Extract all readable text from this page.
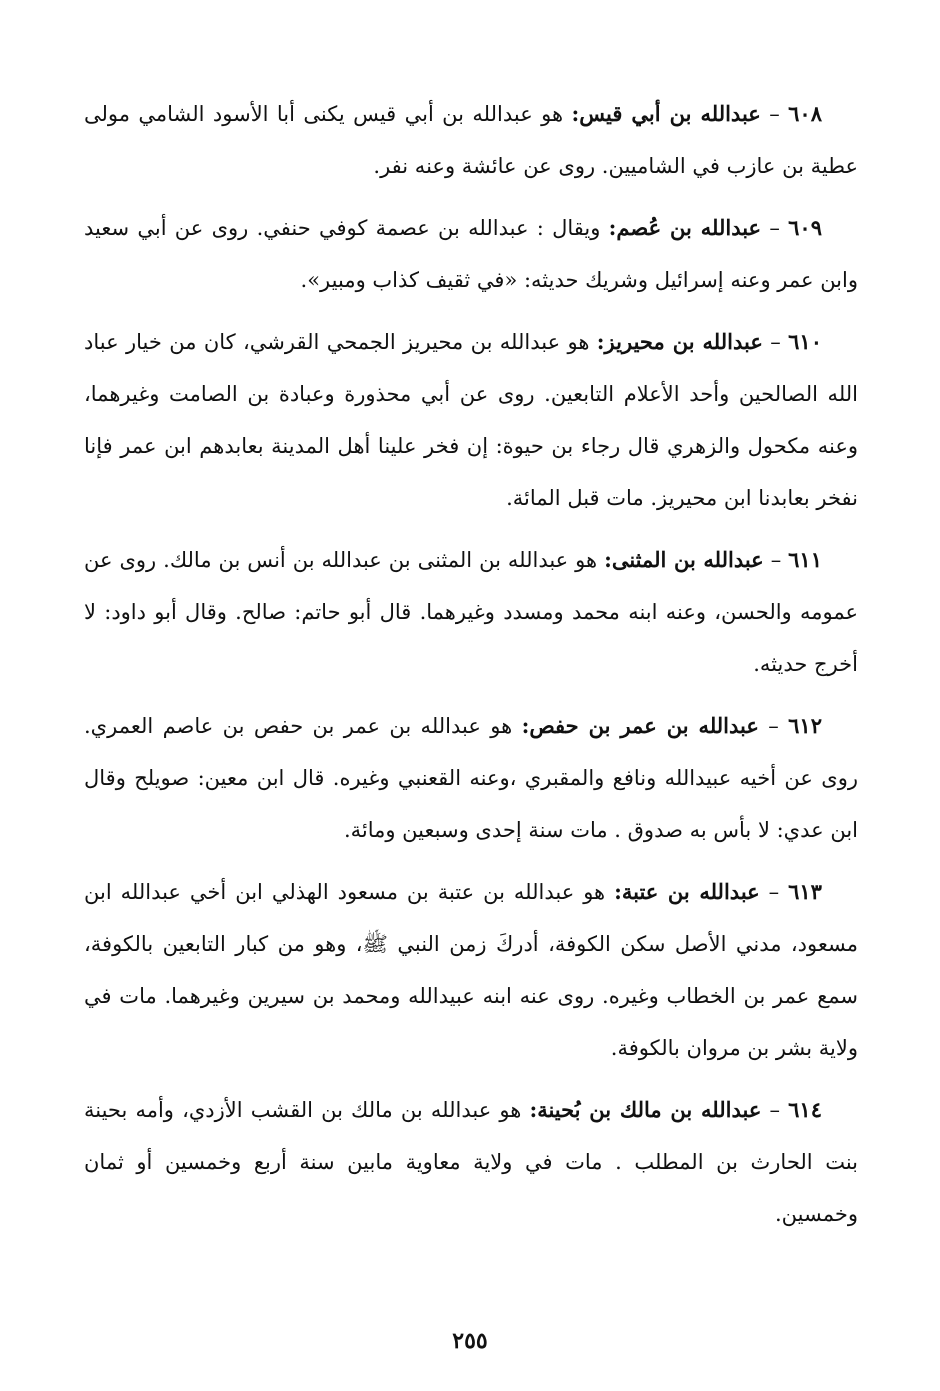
٦٠٨ – عبدالله بن أبي قيس: هو عبدالله بن أبي قيس يكنى أبا الأسود الشامي مولى عطية بن عازب في الشاميين. روى عن عائشة وعنه نفر.

٦٠٩ – عبدالله بن عُصم: ويقال : عبدالله بن عصمة كوفي حنفي. روى عن أبي سعيد وابن عمر وعنه إسرائيل وشريك حديثه: «في ثقيف كذاب ومبير».

٦١٠ – عبدالله بن محيريز: هو عبدالله بن محيريز الجمحي القرشي، كان من خيار عباد الله الصالحين وأحد الأعلام التابعين. روى عن أبي محذورة وعبادة بن الصامت وغيرهما، وعنه مكحول والزهري قال رجاء بن حيوة: إن فخر علينا أهل المدينة بعابدهم ابن عمر فإنا نفخر بعابدنا ابن محيريز. مات قبل المائة.

٦١١ – عبدالله بن المثنى: هو عبدالله بن المثنى بن عبدالله بن أنس بن مالك. روى عن عمومه والحسن، وعنه ابنه محمد ومسدد وغيرهما. قال أبو حاتم: صالح. وقال أبو داود: لا أخرج حديثه.

٦١٢ – عبدالله بن عمر بن حفص: هو عبدالله بن عمر بن حفص بن عاصم العمري. روى عن أخيه عبيدالله ونافع والمقبري ،وعنه القعنبي وغيره. قال ابن معين: صويلح وقال ابن عدي: لا بأس به صدوق . مات سنة إحدى وسبعين ومائة.

٦١٣ – عبدالله بن عتبة: هو عبدالله بن عتبة بن مسعود الهذلي ابن أخي عبدالله ابن مسعود، مدني الأصل سكن الكوفة، أدركَ زمن النبي ﷺ، وهو من كبار التابعين بالكوفة، سمع عمر بن الخطاب وغيره. روى عنه ابنه عبيدالله ومحمد بن سيرين وغيرهما. مات في ولاية بشر بن مروان بالكوفة.

٦١٤ – عبدالله بن مالك بن بُحينة: هو عبدالله بن مالك بن القشب الأزدي، وأمه بحينة بنت الحارث بن المطلب . مات في ولاية معاوية مابين سنة أربع وخمسين أو ثمان وخمسين.

٢٥٥
